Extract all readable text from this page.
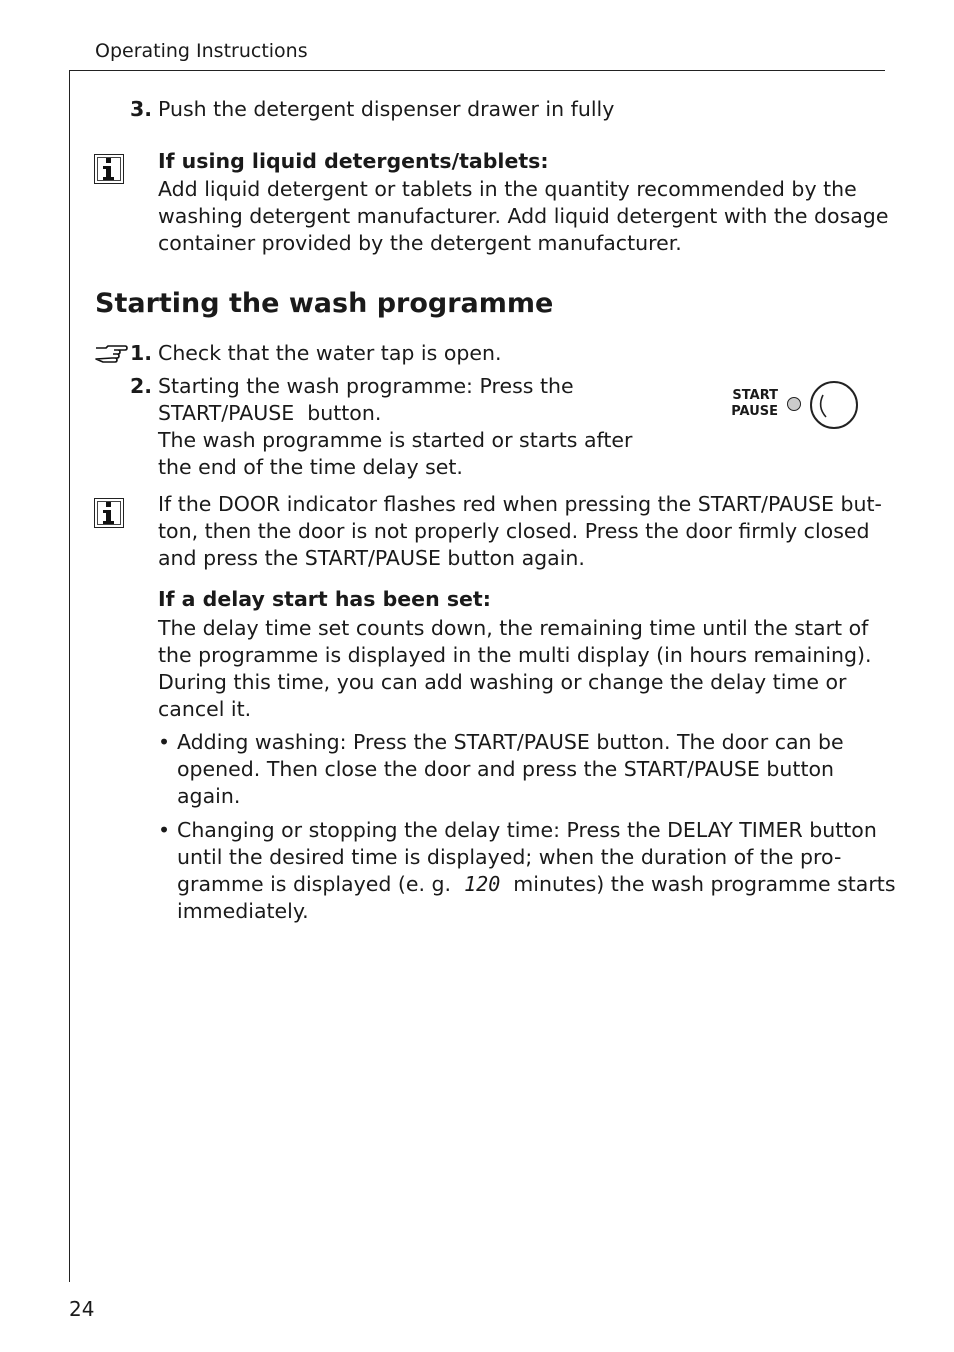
Operating Instructions
3. Push the detergent dispenser drawer in fully
If using liquid detergents/tablets:
Add liquid detergent or tablets in the quantity recommended by the
washing detergent manufacturer. Add liquid detergent with the dosage
container provided by the detergent manufacturer.
Starting the wash programme
1. Check that the water tap is open.
2. Starting the wash programme: Press the
START/PAUSE  button.
The wash programme is started or starts after
the end of the time delay set.
START
PAUSE
If the DOOR indicator flashes red when pressing the START/PAUSE but-
ton, then the door is not properly closed. Press the door firmly closed
and press the START/PAUSE button again.
If a delay start has been set:
The delay time set counts down, the remaining time until the start of
the programme is displayed in the multi display (in hours remaining).
During this time, you can add washing or change the delay time or
cancel it.
• Adding washing: Press the START/PAUSE button. The door can be
opened. Then close the door and press the START/PAUSE button
again.
• Changing or stopping the delay time: Press the DELAY TIMER button
until the desired time is displayed; when the duration of the pro-
gramme is displayed (e. g.  120  minutes) the wash programme starts
immediately.
24
